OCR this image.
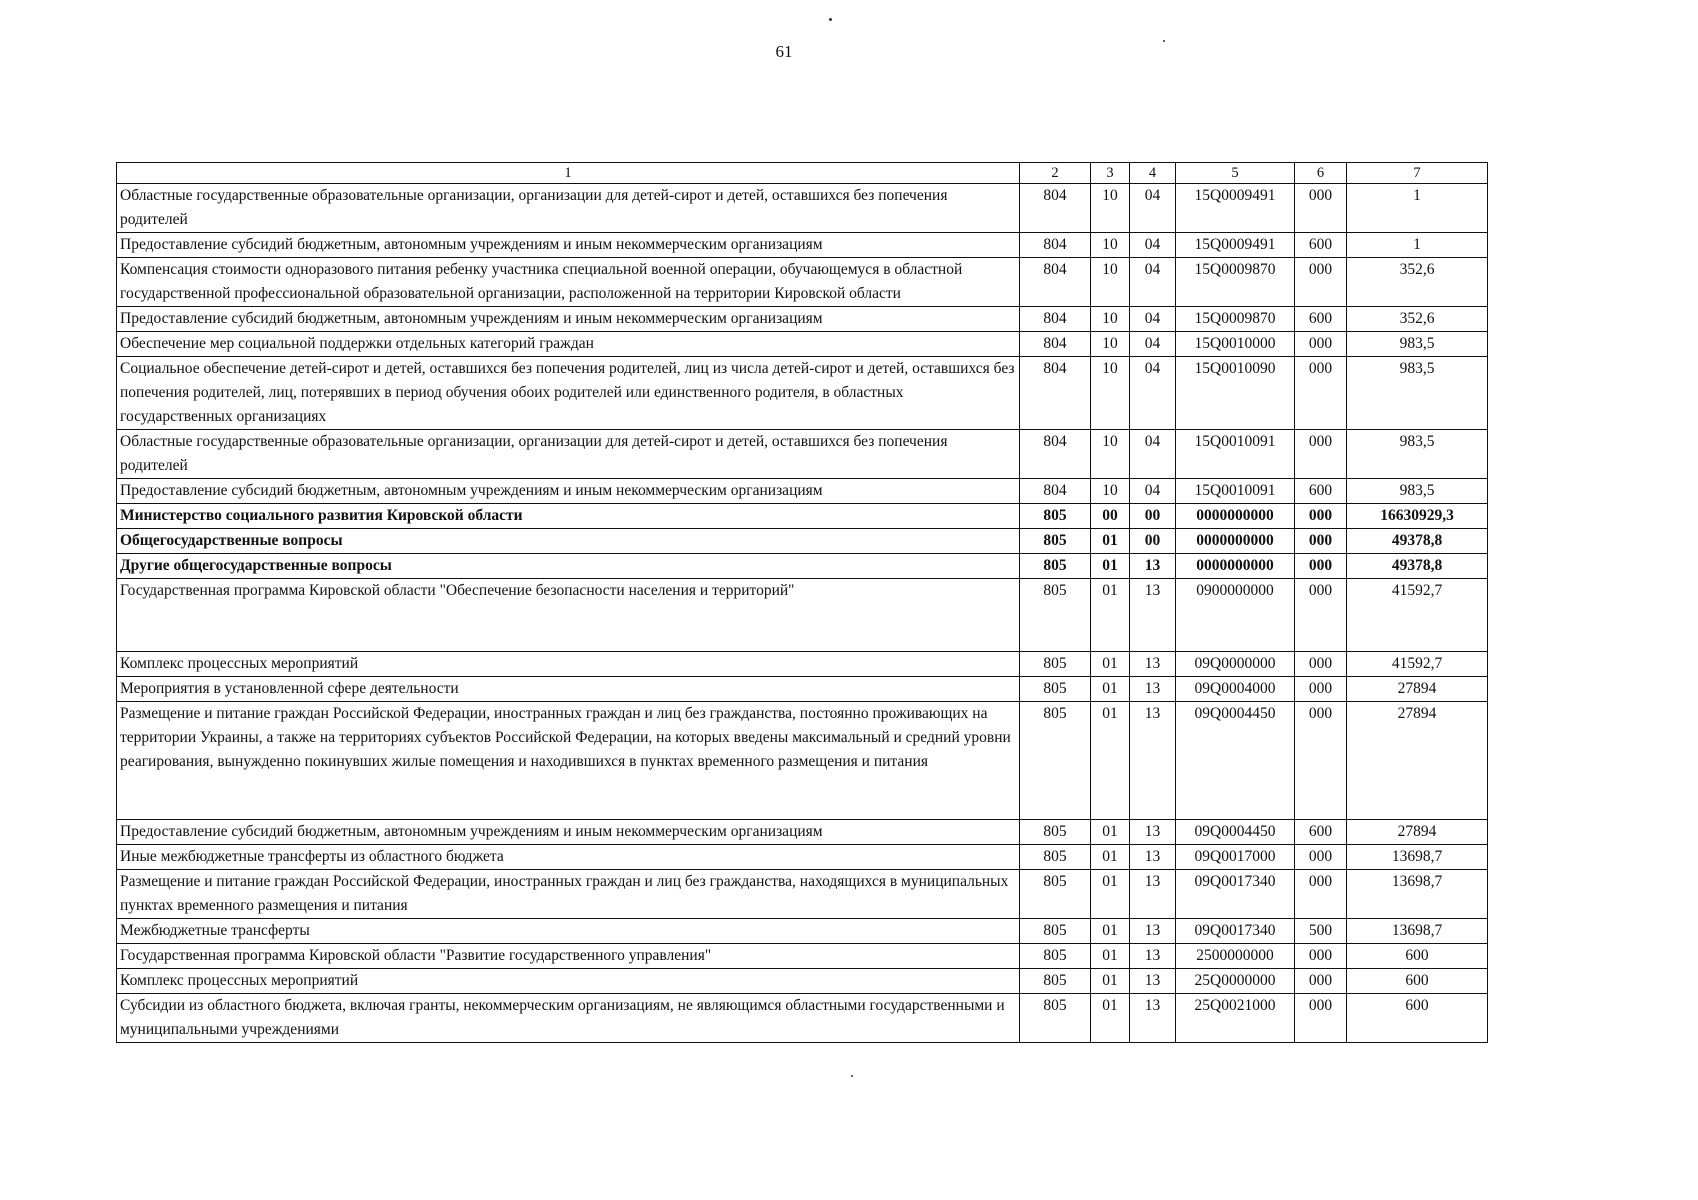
61
1	2	3	4	5	6	7
Областные государственные образовательные организации, организации для детей-сирот и детей, оставшихся без попечения родителей	804	10	04	15Q0009491	000	1
Предоставление субсидий бюджетным, автономным учреждениям и иным некоммерческим организациям	804	10	04	15Q0009491	600	1
Компенсация стоимости одноразового питания ребенку участника специальной военной операции, обучающемуся в областной государственной профессиональной образовательной организации, расположенной на территории Кировской области	804	10	04	15Q0009870	000	352,6
Предоставление субсидий бюджетным, автономным учреждениям и иным некоммерческим организациям	804	10	04	15Q0009870	600	352,6
Обеспечение мер социальной поддержки отдельных категорий граждан	804	10	04	15Q0010000	000	983,5
Социальное обеспечение детей-сирот и детей, оставшихся без попечения родителей, лиц из числа детей-сирот и детей, оставшихся без попечения родителей, лиц, потерявших в период обучения обоих родителей или единственного родителя, в областных государственных организациях	804	10	04	15Q0010090	000	983,5
Областные государственные образовательные организации, организации для детей-сирот и детей, оставшихся без попечения родителей	804	10	04	15Q0010091	000	983,5
Предоставление субсидий бюджетным, автономным учреждениям и иным некоммерческим организациям	804	10	04	15Q0010091	600	983,5
Министерство социального развития Кировской области	805	00	00	0000000000	000	16630929,3
Общегосударственные вопросы	805	01	00	0000000000	000	49378,8
Другие общегосударственные вопросы	805	01	13	0000000000	000	49378,8
Государственная программа Кировской области "Обеспечение безопасности населения и территорий"	805	01	13	0900000000	000	41592,7
Комплекс процессных мероприятий	805	01	13	09Q0000000	000	41592,7
Мероприятия в установленной сфере деятельности	805	01	13	09Q0004000	000	27894
Размещение и питание граждан Российской Федерации, иностранных граждан и лиц без гражданства, постоянно проживающих на территории Украины, а также на территориях субъектов Российской Федерации, на которых введены максимальный и средний уровни реагирования, вынужденно покинувших жилые помещения и находившихся в пунктах временного размещения и питания	805	01	13	09Q0004450	000	27894
Предоставление субсидий бюджетным, автономным учреждениям и иным некоммерческим организациям	805	01	13	09Q0004450	600	27894
Иные межбюджетные трансферты из областного бюджета	805	01	13	09Q0017000	000	13698,7
Размещение и питание граждан Российской Федерации, иностранных граждан и лиц без гражданства, находящихся в муниципальных пунктах временного размещения и питания	805	01	13	09Q0017340	000	13698,7
Межбюджетные трансферты	805	01	13	09Q0017340	500	13698,7
Государственная программа Кировской области "Развитие государственного управления"	805	01	13	2500000000	000	600
Комплекс процессных мероприятий	805	01	13	25Q0000000	000	600
Субсидии из областного бюджета, включая гранты, некоммерческим организациям, не являющимся областными государственными и муниципальными учреждениями	805	01	13	25Q0021000	000	600
